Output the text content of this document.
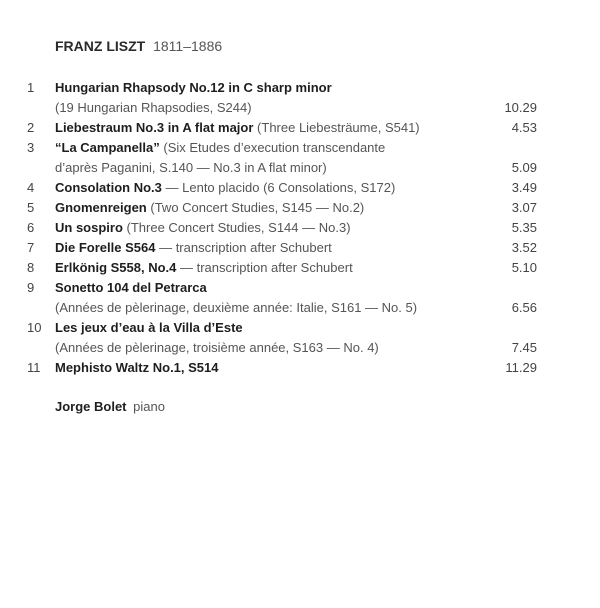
FRANZ LISZT 1811–1886
1 Hungarian Rhapsody No.12 in C sharp minor
(19 Hungarian Rhapsodies, S244)	10.29
2 Liebestraum No.3 in A flat major (Three Liebesträume, S541)	4.53
3 “La Campanella” (Six Etudes d’execution transcendante
d’après Paganini, S.140 — No.3 in A flat minor)	5.09
4 Consolation No.3 — Lento placido (6 Consolations, S172)	3.49
5 Gnomenreigen (Two Concert Studies, S145 — No.2)	3.07
6 Un sospiro (Three Concert Studies, S144 — No.3)	5.35
7 Die Forelle S564 — transcription after Schubert	3.52
8 Erlkönig S558, No.4 — transcription after Schubert	5.10
9 Sonetto 104 del Petrarca
(Années de pèlerinage, deuxième année: Italie, S161 — No. 5)	6.56
10 Les jeux d’eau à la Villa d’Este
(Années de pèlerinage, troisième année, S163 — No. 4)	7.45
11 Mephisto Waltz No.1, S514	11.29
Jorge Bolet piano
